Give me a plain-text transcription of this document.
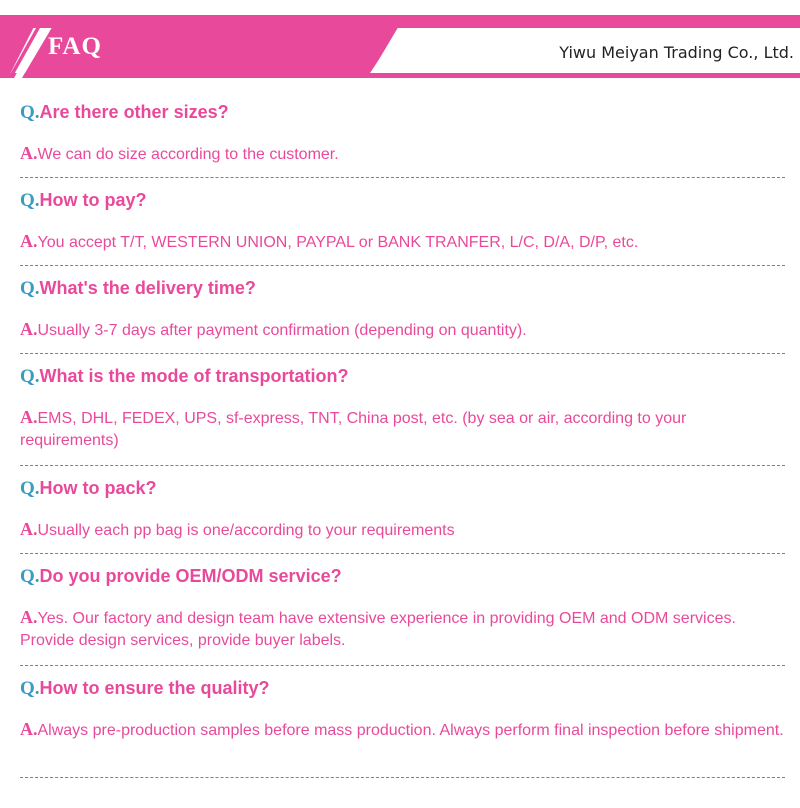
FAQ	Yiwu Meiyan Trading Co., Ltd.
Q. Are there other sizes?
A.We can do size according to the customer.
Q. How to pay?
A.You accept T/T, WESTERN UNION, PAYPAL or BANK TRANFER, L/C, D/A, D/P, etc.
Q. What's the delivery time?
A.Usually 3-7 days after payment confirmation (depending on quantity).
Q. What is the mode of transportation?
A.EMS, DHL, FEDEX, UPS, sf-express, TNT, China post, etc. (by sea or air, according to your requirements)
Q. How to pack?
A.Usually each pp bag is one/according to your requirements
Q. Do you provide OEM/ODM service?
A.Yes. Our factory and design team have extensive experience in providing OEM and ODM services. Provide design services, provide buyer labels.
Q. How to ensure the quality?
A.Always pre-production samples before mass production. Always perform final inspection before shipment.
